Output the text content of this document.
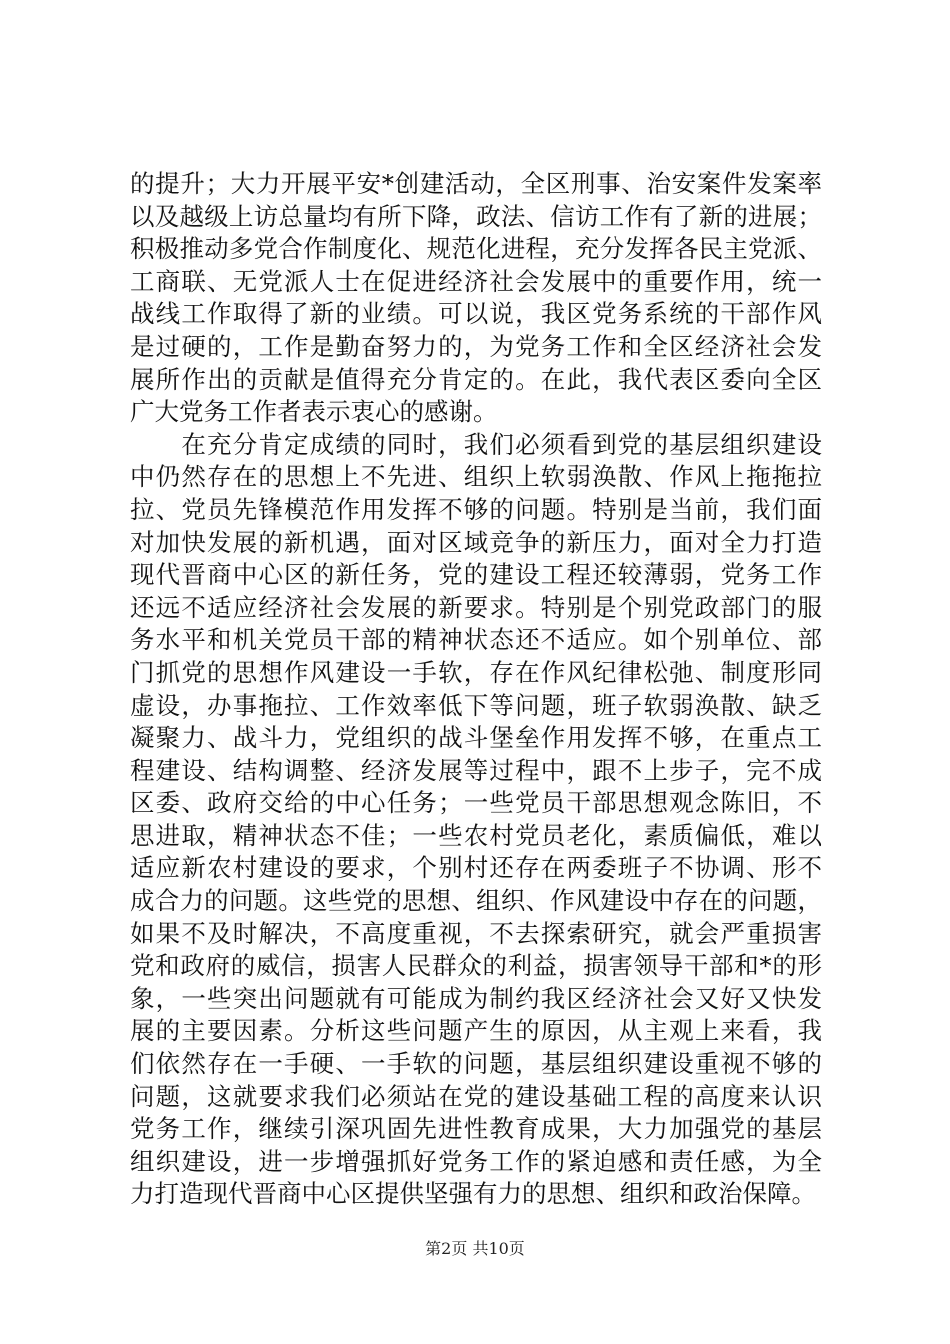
的提升；大力开展平安*创建活动，全区刑事、治安案件发案率
以及越级上访总量均有所下降，政法、信访工作有了新的进展；
积极推动多党合作制度化、规范化进程，充分发挥各民主党派、
工商联、无党派人士在促进经济社会发展中的重要作用，统一
战线工作取得了新的业绩。可以说，我区党务系统的干部作风
是过硬的，工作是勤奋努力的，为党务工作和全区经济社会发
展所作出的贡献是值得充分肯定的。在此，我代表区委向全区
广大党务工作者表示衷心的感谢。
　　在充分肯定成绩的同时，我们必须看到党的基层组织建设
中仍然存在的思想上不先进、组织上软弱涣散、作风上拖拖拉
拉、党员先锋模范作用发挥不够的问题。特别是当前，我们面
对加快发展的新机遇，面对区域竞争的新压力，面对全力打造
现代晋商中心区的新任务，党的建设工程还较薄弱，党务工作
还远不适应经济社会发展的新要求。特别是个别党政部门的服
务水平和机关党员干部的精神状态还不适应。如个别单位、部
门抓党的思想作风建设一手软，存在作风纪律松弛、制度形同
虚设，办事拖拉、工作效率低下等问题，班子软弱涣散、缺乏
凝聚力、战斗力，党组织的战斗堡垒作用发挥不够，在重点工
程建设、结构调整、经济发展等过程中，跟不上步子，完不成
区委、政府交给的中心任务；一些党员干部思想观念陈旧，不
思进取，精神状态不佳；一些农村党员老化，素质偏低，难以
适应新农村建设的要求，个别村还存在两委班子不协调、形不
成合力的问题。这些党的思想、组织、作风建设中存在的问题，
如果不及时解决，不高度重视，不去探索研究，就会严重损害
党和政府的威信，损害人民群众的利益，损害领导干部和*的形
象，一些突出问题就有可能成为制约我区经济社会又好又快发
展的主要因素。分析这些问题产生的原因，从主观上来看，我
们依然存在一手硬、一手软的问题，基层组织建设重视不够的
问题，这就要求我们必须站在党的建设基础工程的高度来认识
党务工作，继续引深巩固先进性教育成果，大力加强党的基层
组织建设，进一步增强抓好党务工作的紧迫感和责任感，为全
力打造现代晋商中心区提供坚强有力的思想、组织和政治保障。
第2页 共10页
